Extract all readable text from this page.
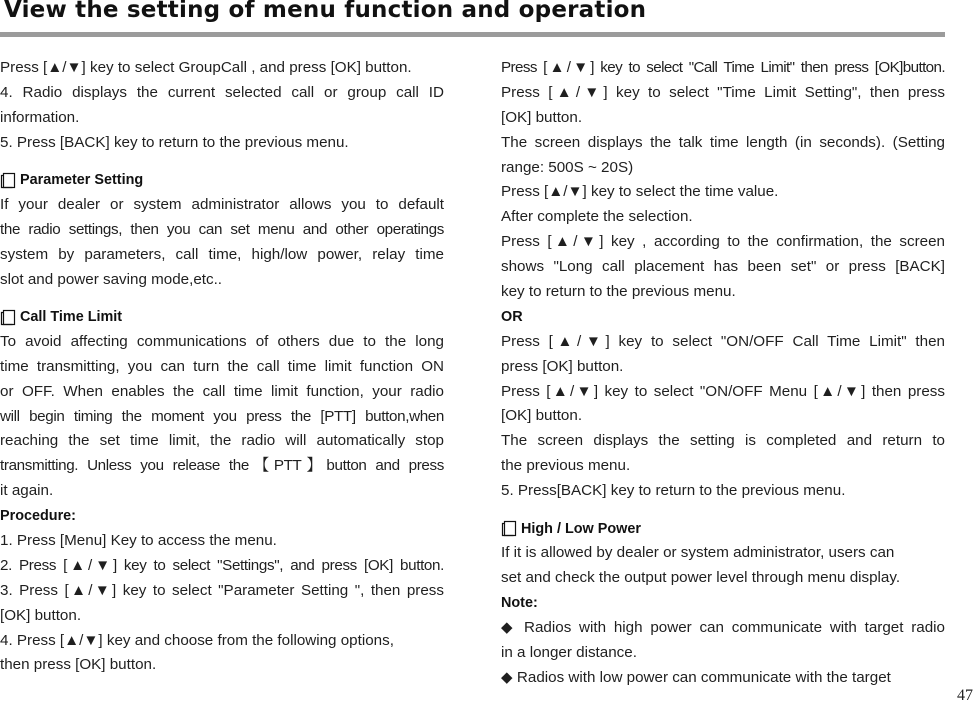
View the setting of menu function and operation
Press [▲/▼] key to select GroupCall , and press [OK] button.
4. Radio displays the current selected call or group call ID
information.
5. Press [BACK] key to return to the previous menu.
Parameter Setting
If your dealer or system administrator allows you to default
the radio settings, then you can set menu and other operatings
system by parameters, call time, high/low power, relay time
slot and power saving mode,etc..
Call Time Limit
To avoid affecting communications of others due to the long
time transmitting, you can turn the call time limit function ON
or OFF. When enables the call time limit function, your radio
will begin timing the moment you press the [PTT] button,when
reaching the set time limit, the radio will automatically stop
transmitting. Unless you release the【PTT】button and press
it again.
Procedure:
1. Press [Menu] Key to access the menu.
2. Press [▲/▼] key to select "Settings", and press [OK] button.
3. Press [▲/▼] key to select "Parameter Setting ", then press
[OK] button.
4. Press [▲/▼] key and choose from the following options,
then press [OK] button.
Press [▲/▼] key to select "Call Time Limit" then press [OK]button.
Press [▲/▼] key to select "Time Limit Setting", then press
[OK] button.
The screen displays the talk time length (in seconds). (Setting
range: 500S ~ 20S)
Press [▲/▼] key to select the time value.
After complete the selection.
Press [▲/▼] key , according to the confirmation, the screen
shows "Long call placement has been set" or press [BACK]
key to return to the previous menu.
OR
Press [▲/▼] key to select "ON/OFF Call Time Limit" then
press [OK] button.
Press [▲/▼] key to select "ON/OFF Menu [▲/▼] then press
[OK] button.
The screen displays the setting is completed and return to
the previous menu.
5. Press[BACK] key to return to the previous menu.
High / Low Power
If it is allowed by dealer or system administrator, users can
set and check the output power level through menu display.
Note:
◆ Radios with high power can communicate with target radio
in a longer distance.
◆ Radios with low power can communicate with the target
47
